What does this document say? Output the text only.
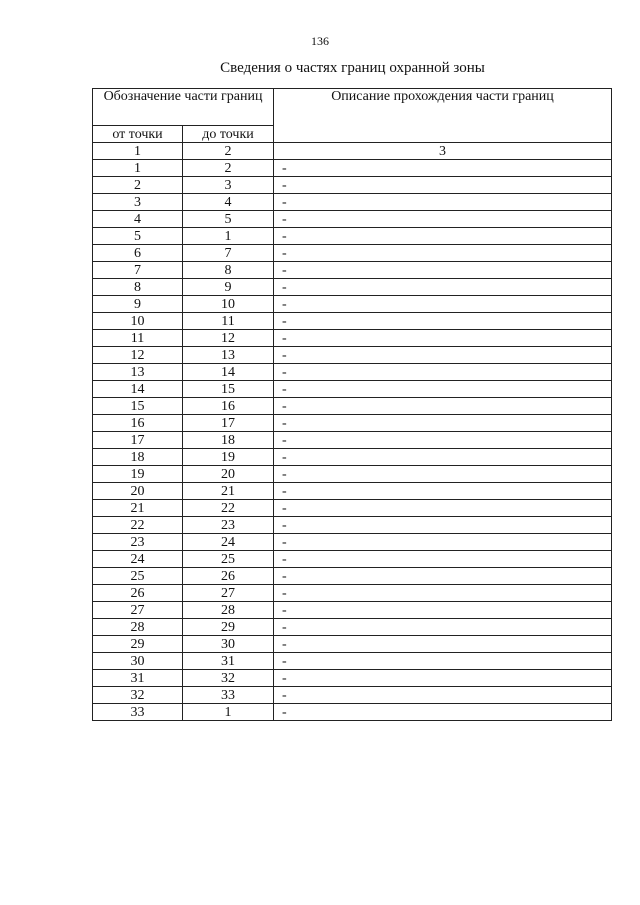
136
Сведения о частях границ охранной зоны
Обозначение части границ		Описание прохождения части границ
от точки	до точки	
1	2	3
1	2	-
2	3	-
3	4	-
4	5	-
5	1	-
6	7	-
7	8	-
8	9	-
9	10	-
10	11	-
11	12	-
12	13	-
13	14	-
14	15	-
15	16	-
16	17	-
17	18	-
18	19	-
19	20	-
20	21	-
21	22	-
22	23	-
23	24	-
24	25	-
25	26	-
26	27	-
27	28	-
28	29	-
29	30	-
30	31	-
31	32	-
32	33	-
33	1	-
